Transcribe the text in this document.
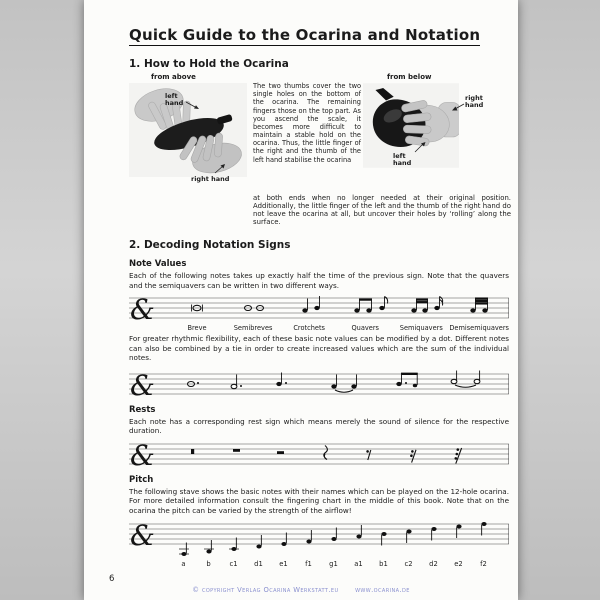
Quick Guide to the Ocarina and Notation
1. How to Hold the Ocarina
from above
left hand
right hand
The two thumbs cover the two single holes on the bottom of the ocarina. The remaining fingers those on the top part. As you ascend the scale, it becomes more difficult to maintain a stable hold on the ocarina. Thus, the little finger of the right and the thumb of the left hand stabilise the ocarina
from below
right hand
left hand
at both ends when no longer needed at their original position. Additionally, the little finger of the left and the thumb of the right hand do not leave the ocarina at all, but uncover their holes by ‘rolling’ along the surface.
2. Decoding Notation Signs
Note Values

Each of the following notes takes up exactly half the time of the previous sign. Note that the quavers and the semiquavers can be written in two different ways.

&
Breve	Semibreves	Crotchets	Quavers	Semiquavers Demisemiquavers

For greater rhythmic flexibility, each of these basic note values can be modified by a dot. Different notes can also be combined by a tie in order to create increased values which are the sum of the individual notes.

&
Rests

Each note has a corresponding rest sign which means merely the sound of silence for the respective duration.

&
Pitch

The following stave shows the basic notes with their names which can be played on the 12-hole ocarina. For more detailed information consult the fingering chart in the middle of this book. Note that on the ocarina the pitch can be varied by the strength of the airflow!

&
a	b	c1	d1	e1	f1	g1	a1	b1	c2	d2	e2	f2
6
© copyright Verlag Ocarina Werkstatt.eu www.ocarina.de
